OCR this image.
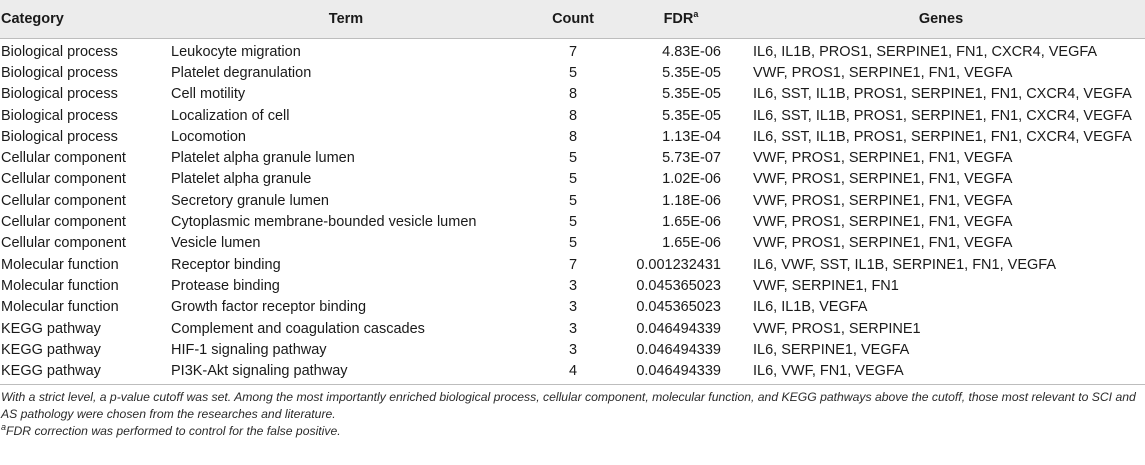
Category	Term	Count	FDR$^a$	Genes
Biological process	Leukocyte migration	7	4.83E-06	IL6, IL1B, PROS1, SERPINE1, FN1, CXCR4, VEGFA
Biological process	Platelet degranulation	5	5.35E-05	VWF, PROS1, SERPINE1, FN1, VEGFA
Biological process	Cell motility	8	5.35E-05	IL6, SST, IL1B, PROS1, SERPINE1, FN1, CXCR4, VEGFA
Biological process	Localization of cell	8	5.35E-05	IL6, SST, IL1B, PROS1, SERPINE1, FN1, CXCR4, VEGFA
Biological process	Locomotion	8	1.13E-04	IL6, SST, IL1B, PROS1, SERPINE1, FN1, CXCR4, VEGFA
Cellular component	Platelet alpha granule lumen	5	5.73E-07	VWF, PROS1, SERPINE1, FN1, VEGFA
Cellular component	Platelet alpha granule	5	1.02E-06	VWF, PROS1, SERPINE1, FN1, VEGFA
Cellular component	Secretory granule lumen	5	1.18E-06	VWF, PROS1, SERPINE1, FN1, VEGFA
Cellular component	Cytoplasmic membrane-bounded vesicle lumen	5	1.65E-06	VWF, PROS1, SERPINE1, FN1, VEGFA
Cellular component	Vesicle lumen	5	1.65E-06	VWF, PROS1, SERPINE1, FN1, VEGFA
Molecular function	Receptor binding	7	0.001232431	IL6, VWF, SST, IL1B, SERPINE1, FN1, VEGFA
Molecular function	Protease binding	3	0.045365023	VWF, SERPINE1, FN1
Molecular function	Growth factor receptor binding	3	0.045365023	IL6, IL1B, VEGFA
KEGG pathway	Complement and coagulation cascades	3	0.046494339	VWF, PROS1, SERPINE1
KEGG pathway	HIF-1 signaling pathway	3	0.046494339	IL6, SERPINE1, VEGFA
KEGG pathway	PI3K-Akt signaling pathway	4	0.046494339	IL6, VWF, FN1, VEGFA

With a strict level, a p-value cutoff was set. Among the most importantly enriched biological process, cellular component, molecular function, and KEGG pathways above the cutoff, those most relevant to SCI and AS pathology were chosen from the researches and literature.

$^a$FDR correction was performed to control for the false positive.
